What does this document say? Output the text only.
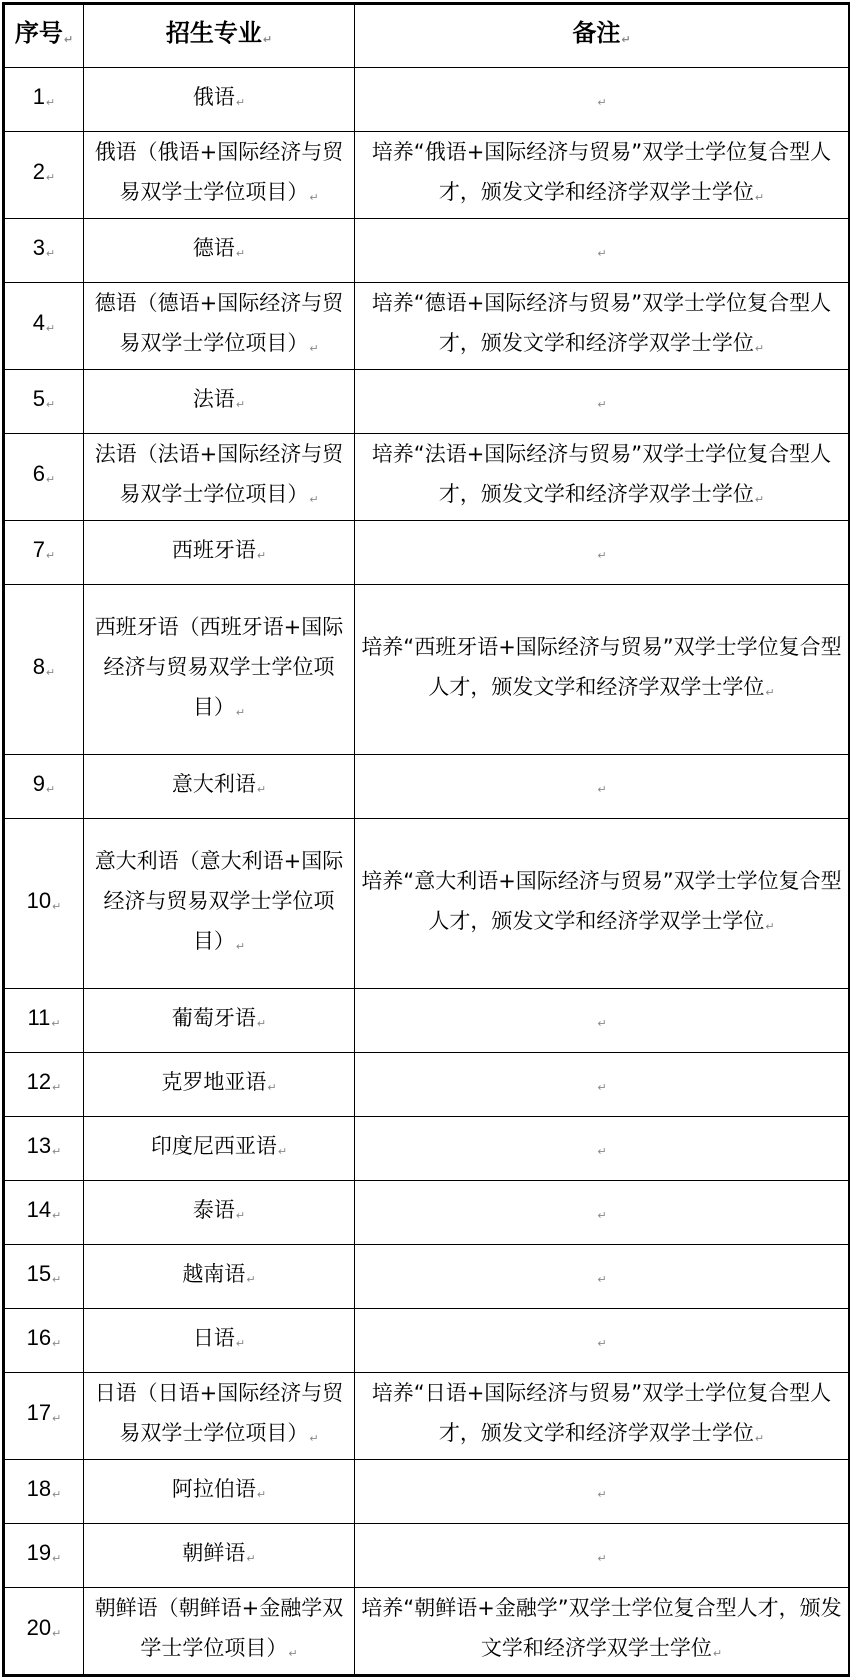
序号↵	招生专业↵	备注↵
1↵	俄语↵	↵
2↵	俄语（俄语+国际经济与贸易双学士学位项目）↵	培养“俄语+国际经济与贸易”双学士学位复合型人才，颁发文学和经济学双学士学位↵
3↵	德语↵	↵
4↵	德语（德语+国际经济与贸易双学士学位项目）↵	培养“德语+国际经济与贸易”双学士学位复合型人才，颁发文学和经济学双学士学位↵
5↵	法语↵	↵
6↵	法语（法语+国际经济与贸易双学士学位项目）↵	培养“法语+国际经济与贸易”双学士学位复合型人才，颁发文学和经济学双学士学位↵
7↵	西班牙语↵	↵
8↵	西班牙语（西班牙语+国际经济与贸易双学士学位项目）↵	培养“西班牙语+国际经济与贸易”双学士学位复合型人才，颁发文学和经济学双学士学位↵
9↵	意大利语↵	↵
10↵	意大利语（意大利语+国际经济与贸易双学士学位项目）↵	培养“意大利语+国际经济与贸易”双学士学位复合型人才，颁发文学和经济学双学士学位↵
11↵	葡萄牙语↵	↵
12↵	克罗地亚语↵	↵
13↵	印度尼西亚语↵	↵
14↵	泰语↵	↵
15↵	越南语↵	↵
16↵	日语↵	↵
17↵	日语（日语+国际经济与贸易双学士学位项目）↵	培养“日语+国际经济与贸易”双学士学位复合型人才，颁发文学和经济学双学士学位↵
18↵	阿拉伯语↵	↵
19↵	朝鲜语↵	↵
20↵	朝鲜语（朝鲜语+金融学双学士学位项目）↵	培养“朝鲜语+金融学”双学士学位复合型人才，颁发文学和经济学双学士学位↵
